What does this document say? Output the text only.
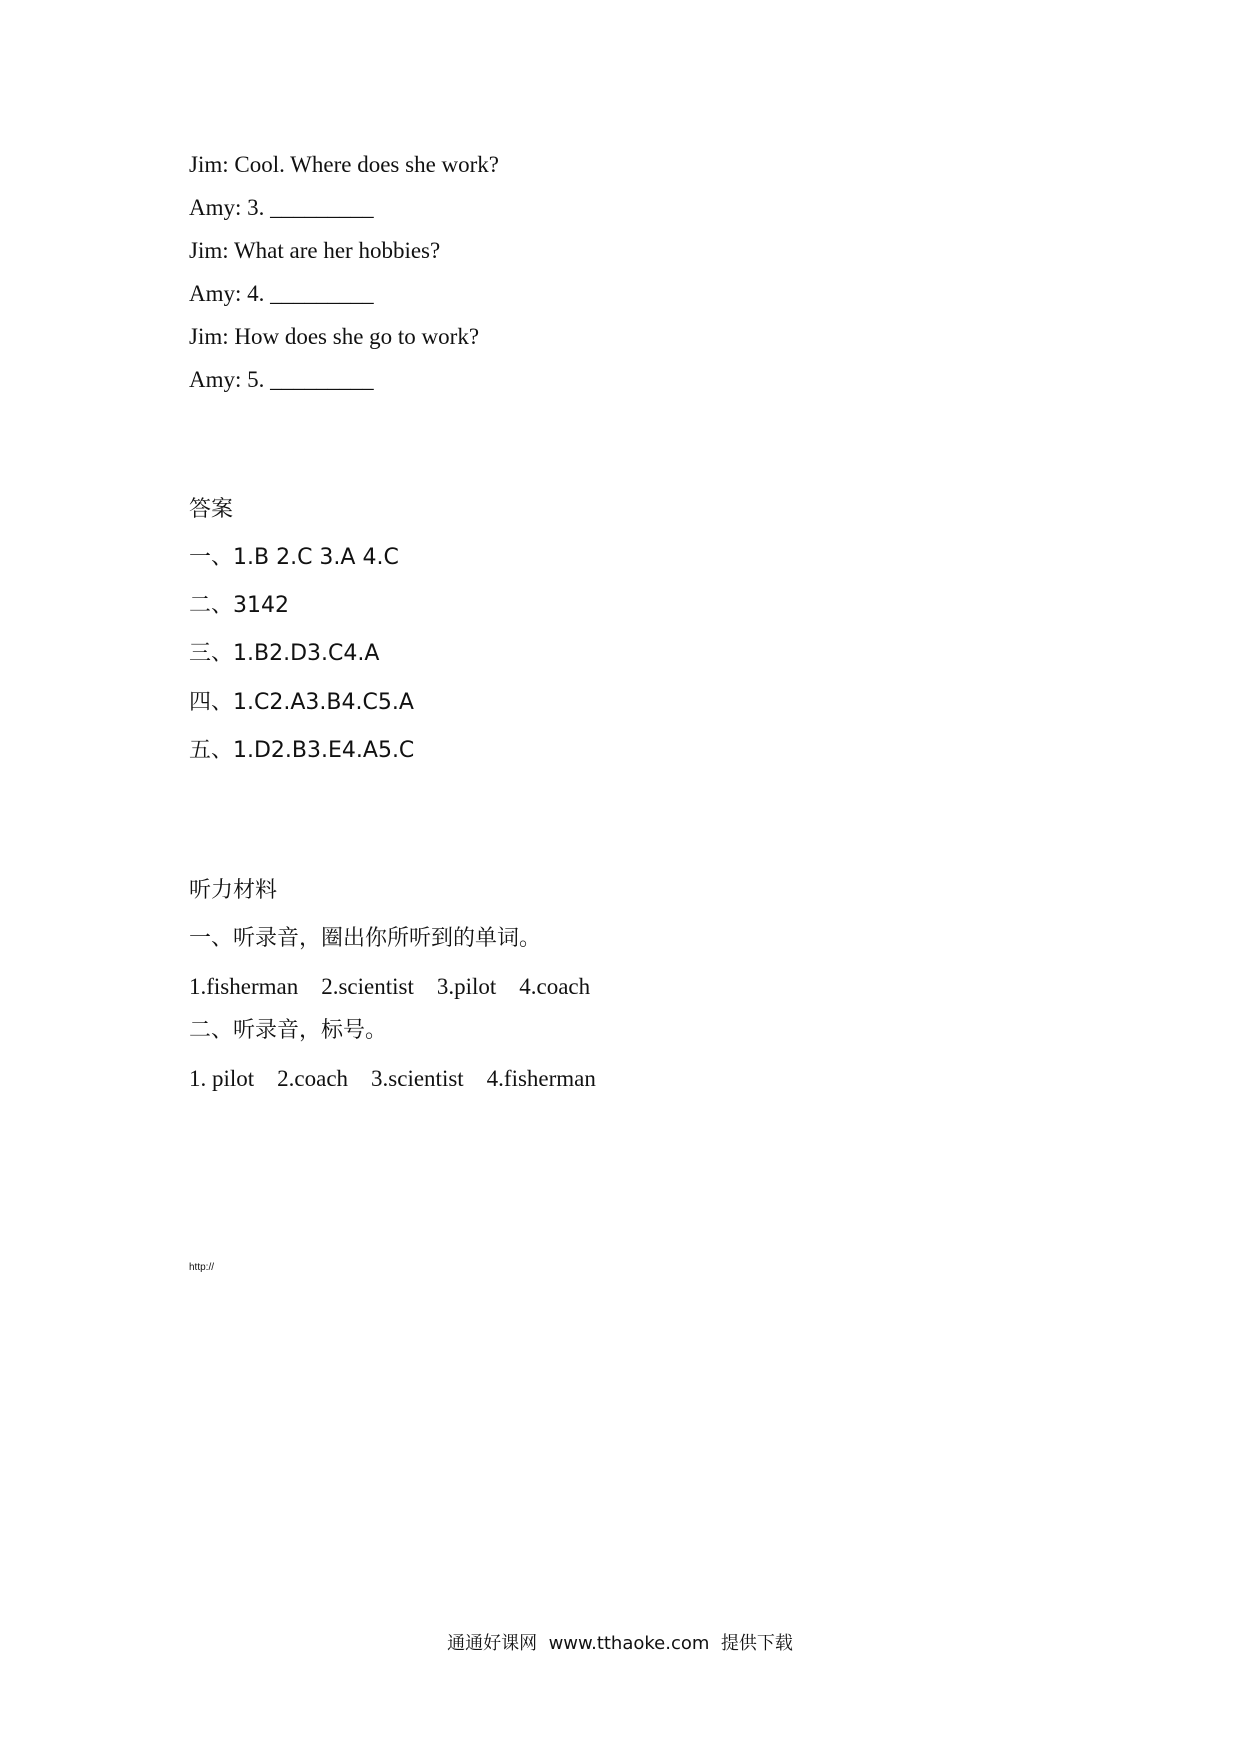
Jim: Cool. Where does she work?
Amy: 3. _________
Jim: What are her hobbies?
Amy: 4. _________
Jim: How does she go to work?
Amy: 5. _________
答案
一、1.B 2.C 3.A 4.C
二、3142
三、1.B2.D3.C4.A
四、1.C2.A3.B4.C5.A
五、1.D2.B3.E4.A5.C
听力材料
一、听录音，圈出你所听到的单词。
1.fisherman    2.scientist    3.pilot    4.coach
二、听录音，标号。
1. pilot    2.coach    3.scientist    4.fisherman
http://
通通好课网  www.tthaoke.com  提供下载
